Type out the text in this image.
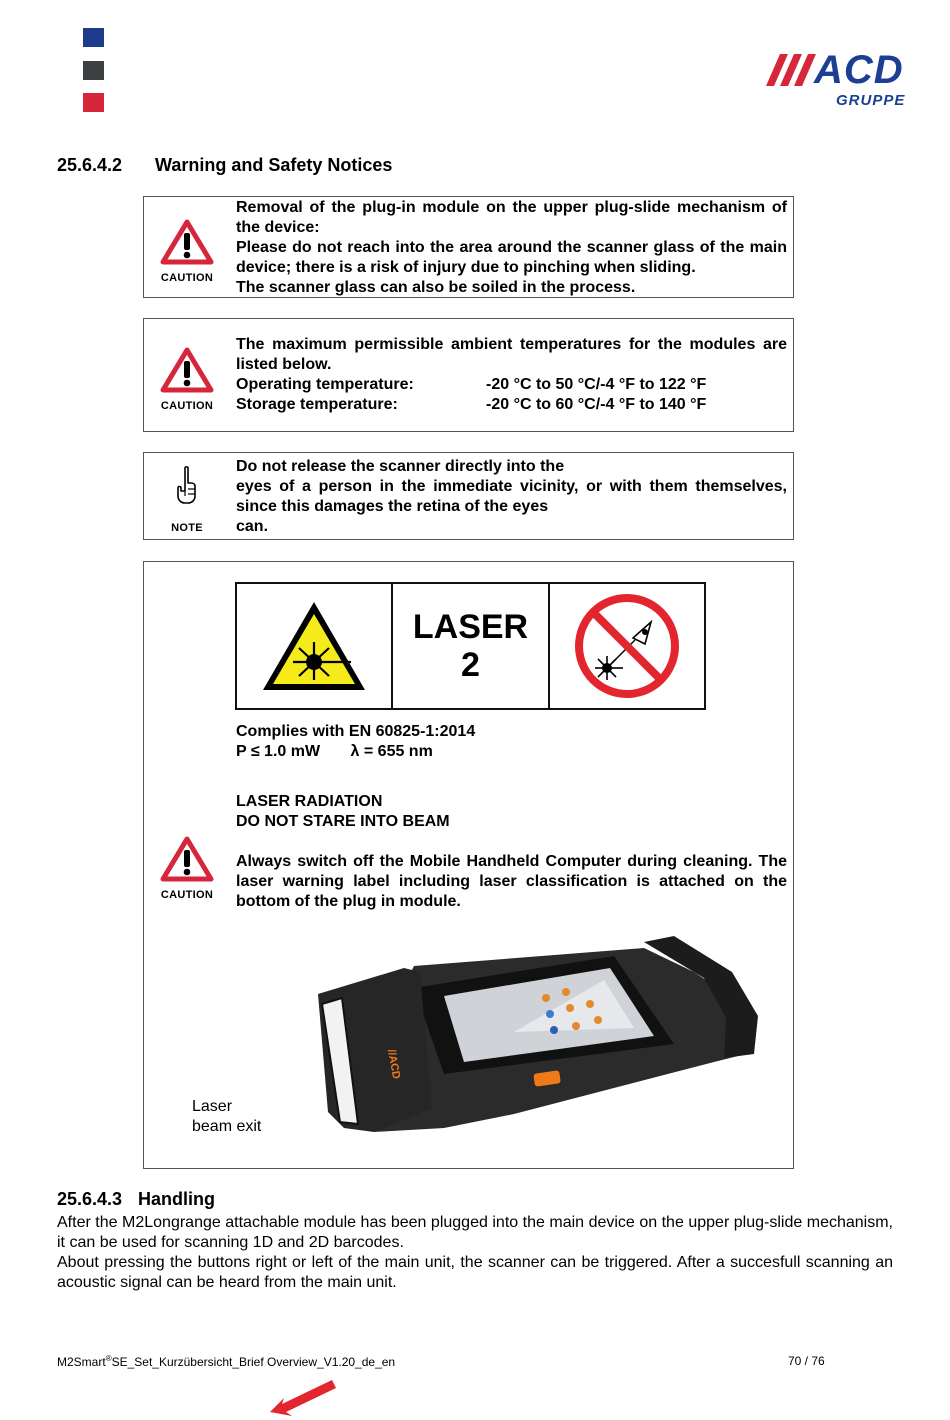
ACD
GRUPPE
25.6.4.2 Warning and Safety Notices
CAUTION
Removal of the plug-in module on the upper plug-slide mechanism of the device:
Please do not reach into the area around the scanner glass of the main device; there is a risk of injury due to pinching when sliding.
The scanner glass can also be soiled in the process.
CAUTION
The maximum permissible ambient temperatures for the modules are listed below.
Operating temperature:	-20 °C to 50 °C/-4 °F to 122 °F
Storage temperature:	-20 °C to 60 °C/-4 °F to 140 °F
NOTE
Do not release the scanner directly into the
eyes of a person in the immediate vicinity, or with them themselves, since this damages the retina of the eyes
can.
LASER
2
Complies with EN 60825-1:2014
P ≤ 1.0 mW λ = 655 nm
LASER RADIATION
DO NOT STARE INTO BEAM
CAUTION
Always switch off the Mobile Handheld Computer during cleaning. The laser warning label including laser classification is attached on the bottom of the plug in module.
//ACD
Laser
beam exit
25.6.4.3 Handling
After the M2Longrange attachable module has been plugged into the main device on the upper plug-slide mechanism, it can be used for scanning 1D and 2D barcodes.
About pressing the buttons right or left of the main unit, the scanner can be triggered. After a succesfull scanning an acoustic signal can be heard from the main unit.
M2Smart®SE_Set_Kurzübersicht_Brief Overview_V1.20_de_en	70 / 76
